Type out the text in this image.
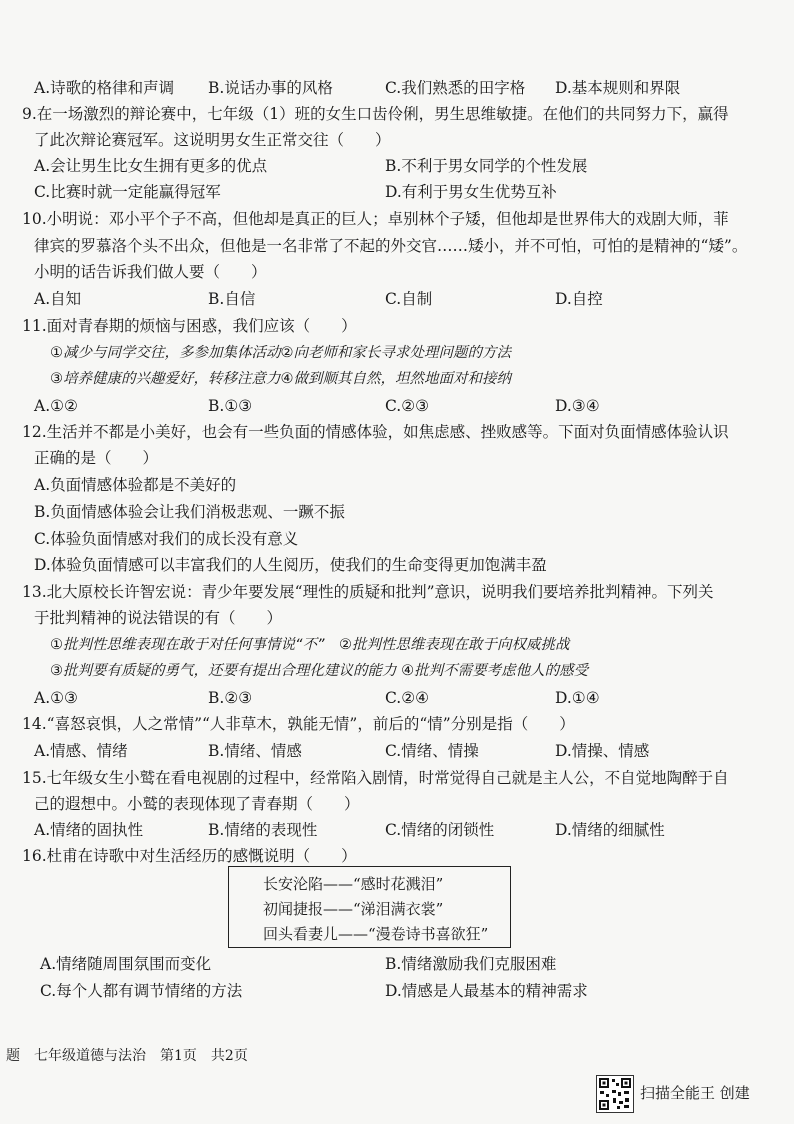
A.诗歌的格律和声调 B.说话办事的风格	C.我们熟悉的田字格 D.基本规则和界限
9.在一场激烈的辩论赛中，七年级（1）班的女生口齿伶俐，男生思维敏捷。在他们的共同努力下，赢得
了此次辩论赛冠军。这说明男女生正常交往（　　）
A.会让男生比女生拥有更多的优点	B.不利于男女同学的个性发展
C.比赛时就一定能赢得冠军	D.有利于男女生优势互补
10.小明说：邓小平个子不高，但他却是真正的巨人；卓别林个子矮，但他却是世界伟大的戏剧大师，菲
律宾的罗慕洛个头不出众，但他是一名非常了不起的外交官……矮小，并不可怕，可怕的是精神的“矮”。
小明的话告诉我们做人要（　　）
A.自知	B.自信	C.自制	D.自控
11.面对青春期的烦恼与困惑，我们应该（　　）
①减少与同学交往，多参加集体活动②向老师和家长寻求处理问题的方法
③培养健康的兴趣爱好，转移注意力④做到顺其自然，坦然地面对和接纳
A.①②	B.①③	C.②③	D.③④
12.生活并不都是小美好，也会有一些负面的情感体验，如焦虑感、挫败感等。下面对负面情感体验认识
正确的是（　　）
A.负面情感体验都是不美好的
B.负面情感体验会让我们消极悲观、一蹶不振
C.体验负面情感对我们的成长没有意义
D.体验负面情感可以丰富我们的人生阅历，使我们的生命变得更加饱满丰盈
13.北大原校长许智宏说：青少年要发展“理性的质疑和批判”意识，说明我们要培养批判精神。下列关
于批判精神的说法错误的有（　　）
①批判性思维表现在敢于对任何事情说“不”　②批判性思维表现在敢于向权威挑战
③批判要有质疑的勇气，还要有提出合理化建议的能力 ④批判不需要考虑他人的感受
A.①③	B.②③	C.②④	D.①④
14.“喜怒哀惧，人之常情”“人非草木，孰能无情”，前后的“情”分别是指（　　）
A.情感、情绪	B.情绪、情感	C.情绪、情操	D.情操、情感
15.七年级女生小鹫在看电视剧的过程中，经常陷入剧情，时常觉得自己就是主人公，不自觉地陶醉于自
己的遐想中。小鹫的表现体现了青春期（　　）
A.情绪的固执性	B.情绪的表现性	C.情绪的闭锁性	D.情绪的细腻性
16.杜甫在诗歌中对生活经历的感慨说明（　　）
长安沦陷——“感时花溅泪”
初闻捷报——“涕泪满衣裳”
回头看妻儿——“漫卷诗书喜欲狂”
A.情绪随周围氛围而变化	B.情绪激励我们克服困难
C.每个人都有调节情绪的方法	D.情感是人最基本的精神需求
题　七年级道德与法治　第1页　共2页
扫描全能王 创建
